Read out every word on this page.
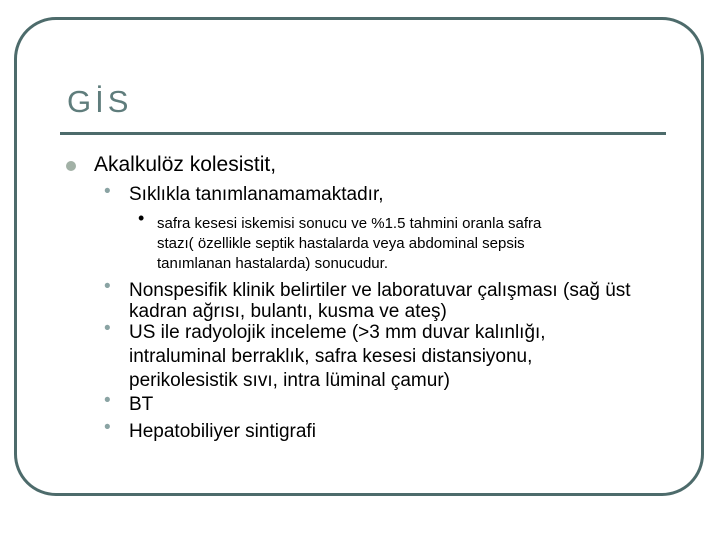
GİS
Akalkulöz kolesistit,
• Sıklıkla tanımlanamamaktadır,
• safra kesesi iskemisi sonucu ve %1.5 tahmini oranla safra
stazı( özellikle septik hastalarda veya abdominal sepsis
tanımlanan hastalarda) sonucudur.
• Nonspesifik klinik belirtiler ve laboratuvar çalışması (sağ üst
kadran ağrısı, bulantı, kusma ve ateş)
• US ile radyolojik inceleme (>3 mm duvar kalınlığı,
intraluminal berraklık, safra kesesi distansiyonu,
perikolesistik sıvı, intra lüminal çamur)
• BT
• Hepatobiliyer sintigrafi
